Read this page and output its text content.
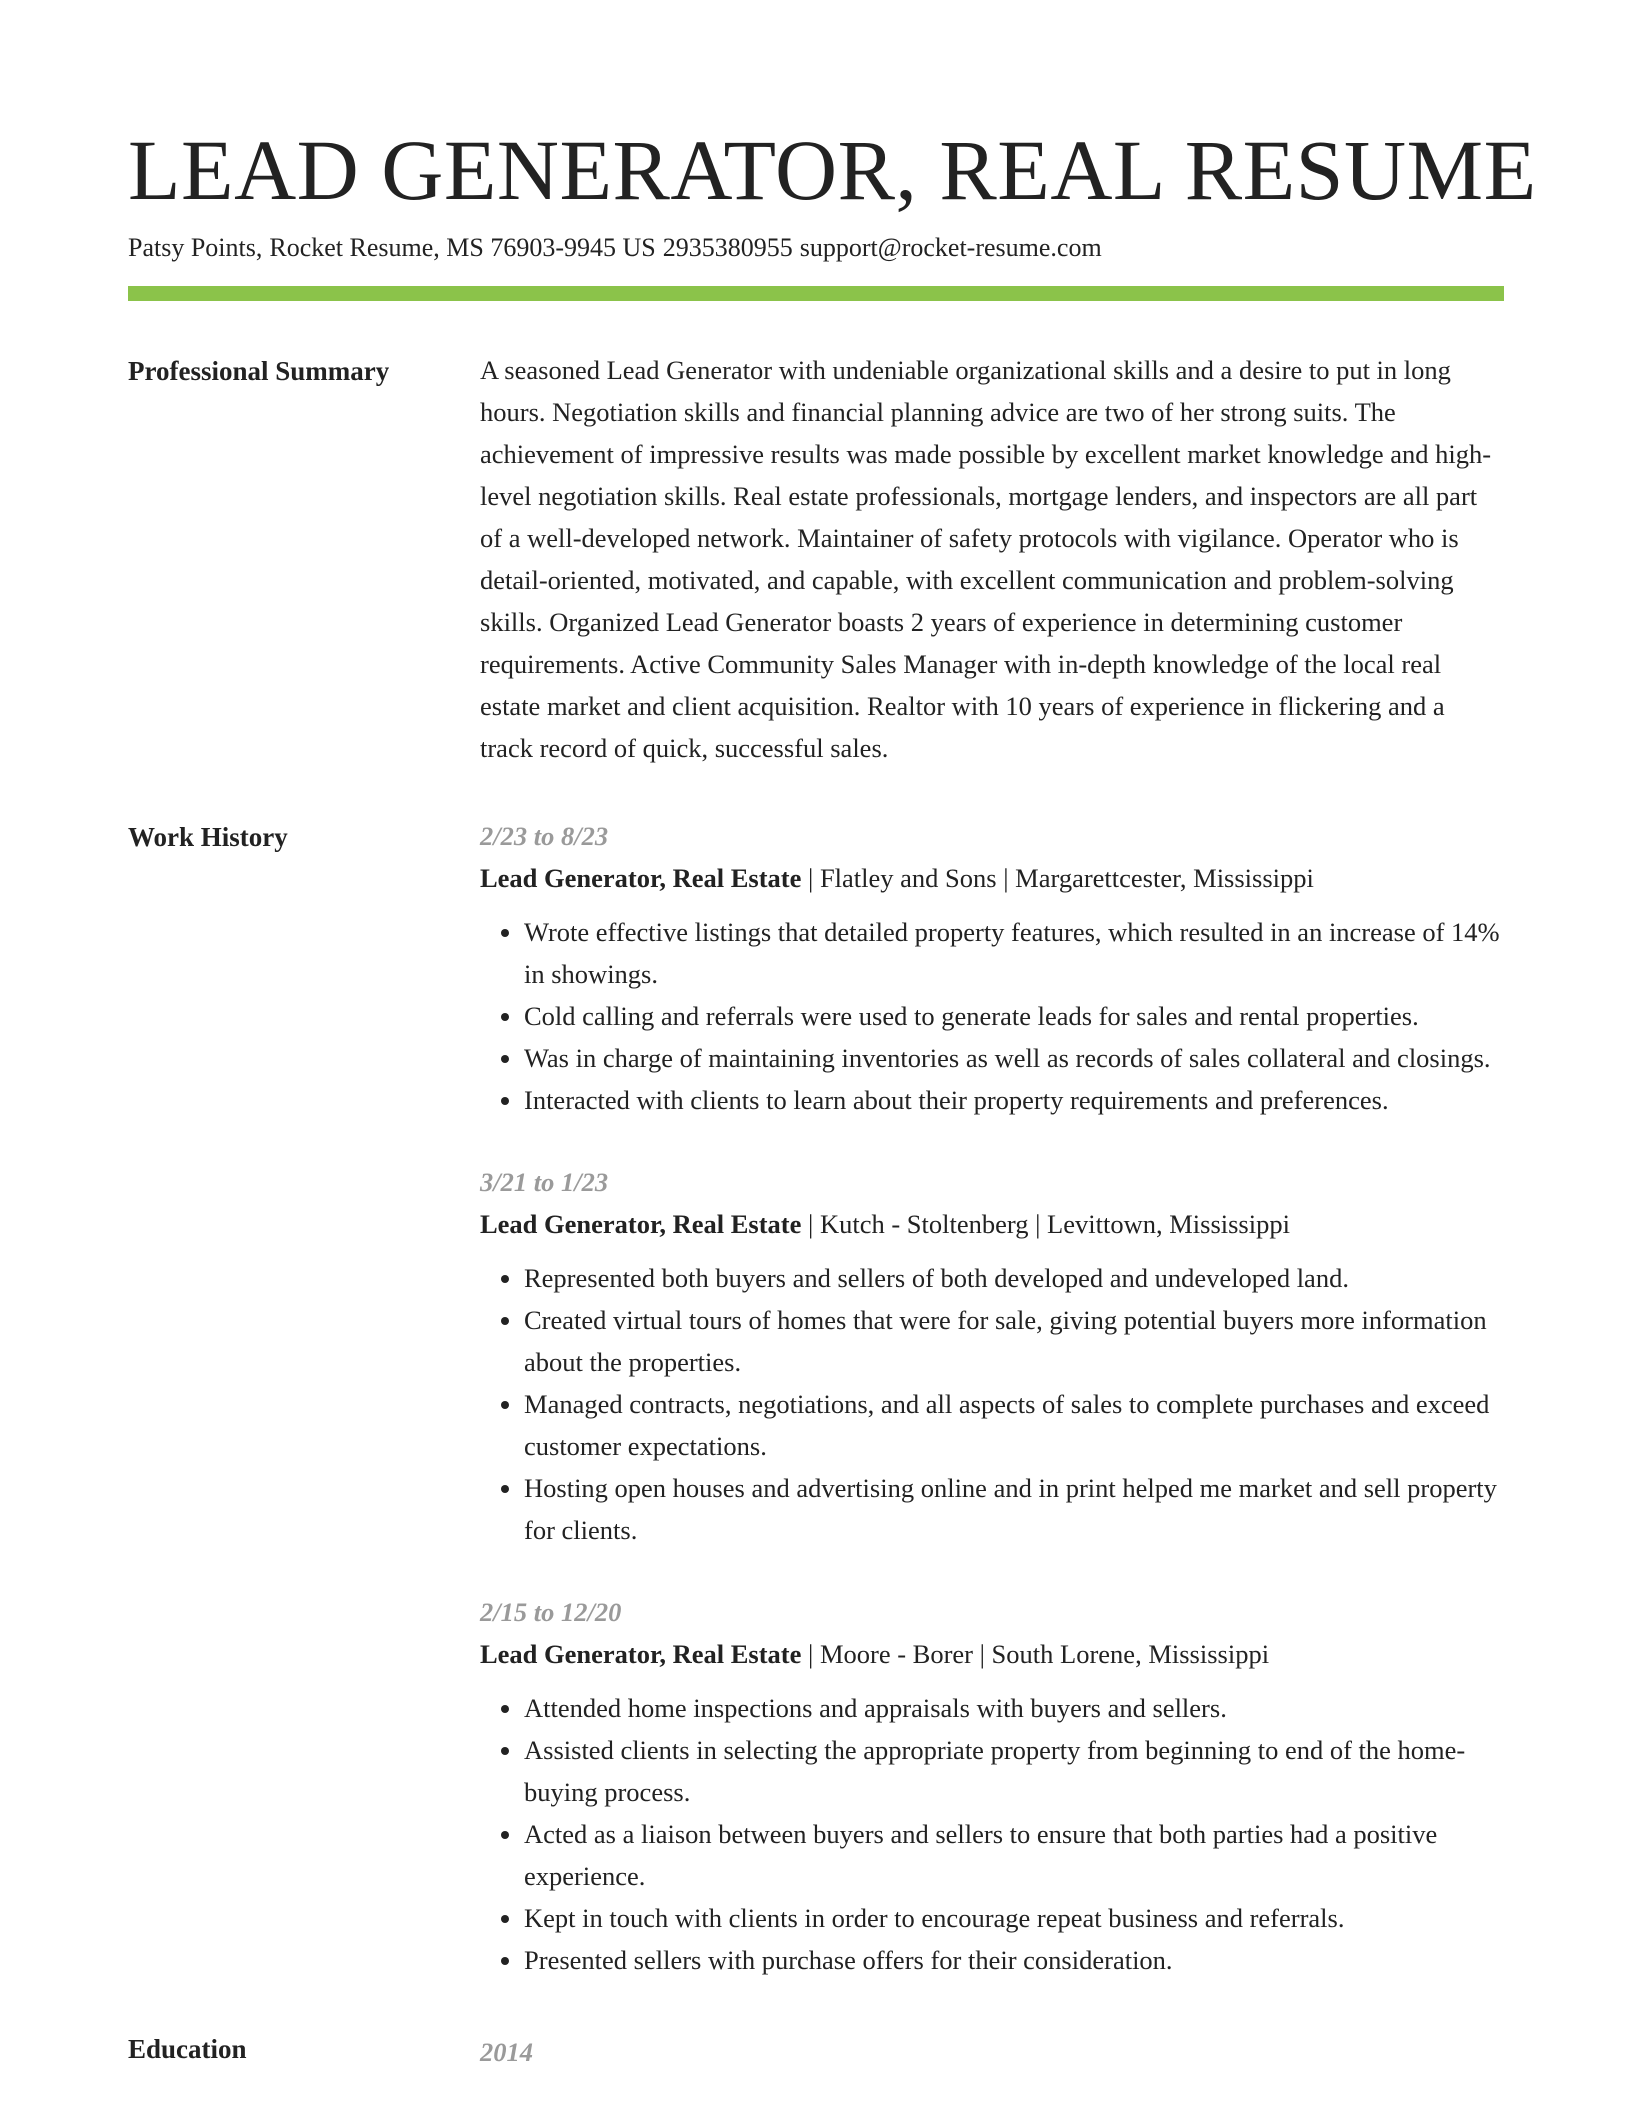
LEAD GENERATOR, REAL RESUME
Patsy Points, Rocket Resume, MS 76903-9945 US 2935380955 support@rocket-resume.com
Professional Summary	A seasoned Lead Generator with undeniable organizational skills and a desire to put in long hours. Negotiation skills and financial planning advice are two of her strong suits. The achievement of impressive results was made possible by excellent market knowledge and high-level negotiation skills. Real estate professionals, mortgage lenders, and inspectors are all part of a well-developed network. Maintainer of safety protocols with vigilance. Operator who is detail-oriented, motivated, and capable, with excellent communication and problem-solving skills. Organized Lead Generator boasts 2 years of experience in determining customer requirements. Active Community Sales Manager with in-depth knowledge of the local real estate market and client acquisition. Realtor with 10 years of experience in flickering and a track record of quick, successful sales.

Work History	2/23 to 8/23
Lead Generator, Real Estate | Flatley and Sons | Margarettcester, Mississippi
• Wrote effective listings that detailed property features, which resulted in an increase of 14% in showings.
• Cold calling and referrals were used to generate leads for sales and rental properties.
• Was in charge of maintaining inventories as well as records of sales collateral and closings.
• Interacted with clients to learn about their property requirements and preferences.
3/21 to 1/23
Lead Generator, Real Estate | Kutch - Stoltenberg | Levittown, Mississippi
• Represented both buyers and sellers of both developed and undeveloped land.
• Created virtual tours of homes that were for sale, giving potential buyers more information about the properties.
• Managed contracts, negotiations, and all aspects of sales to complete purchases and exceed customer expectations.
• Hosting open houses and advertising online and in print helped me market and sell property for clients.
2/15 to 12/20
Lead Generator, Real Estate | Moore - Borer | South Lorene, Mississippi
• Attended home inspections and appraisals with buyers and sellers.
• Assisted clients in selecting the appropriate property from beginning to end of the home-buying process.
• Acted as a liaison between buyers and sellers to ensure that both parties had a positive experience.
• Kept in touch with clients in order to encourage repeat business and referrals.
• Presented sellers with purchase offers for their consideration.
Education	2014
